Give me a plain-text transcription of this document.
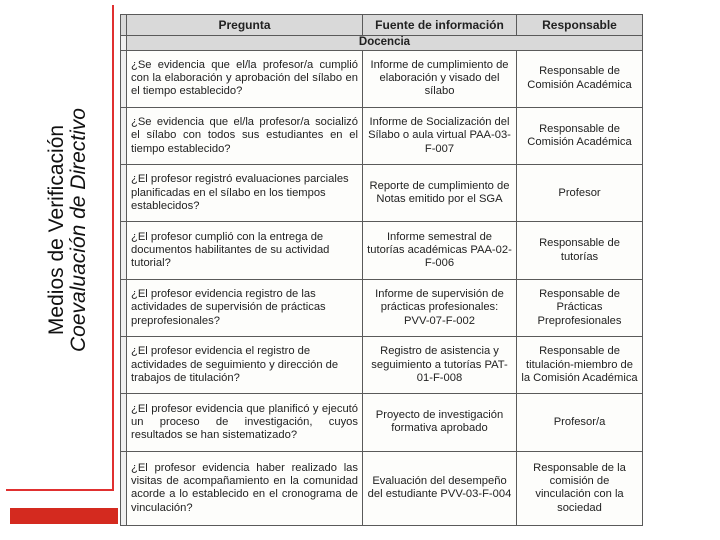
Medios de Verificación Coevaluación de Directivo
	Pregunta	Fuente de información	Responsable
	Docencia		
	¿Se evidencia que el/la profesor/a cumplió con la elaboración y aprobación del sílabo en el tiempo establecido?	Informe de cumplimiento de elaboración y visado del sílabo	Responsable de Comisión Académica
	¿Se evidencia que el/la profesor/a socializó el sílabo con todos sus estudiantes en el tiempo establecido?	Informe de Socialización del Sílabo o aula virtual PAA-03-F-007	Responsable de Comisión Académica
	¿El profesor registró evaluaciones parciales planificadas en el sílabo en los tiempos establecidos?	Reporte de cumplimiento de Notas emitido por el SGA	Profesor
	¿El profesor cumplió con la entrega de documentos habilitantes de su actividad tutorial?	Informe semestral de tutorías académicas PAA-02-F-006	Responsable de tutorías
	¿El profesor evidencia registro de las actividades de supervisión de prácticas preprofesionales?	Informe de supervisión de prácticas profesionales: PVV-07-F-002	Responsable de Prácticas Preprofesionales
	¿El profesor evidencia el registro de actividades de seguimiento y dirección de trabajos de titulación?	Registro de asistencia y seguimiento a tutorías PAT-01-F-008	Responsable de titulación-miembro de la Comisión Académica
	¿El profesor evidencia que planificó y ejecutó un proceso de investigación, cuyos resultados se han sistematizado?	Proyecto de investigación formativa aprobado	Profesor/a
	¿El profesor evidencia haber realizado las visitas de acompañamiento en la comunidad acorde a lo establecido en el cronograma de vinculación?	Evaluación del desempeño del estudiante PVV-03-F-004	Responsable de la comisión de vinculación con la sociedad
